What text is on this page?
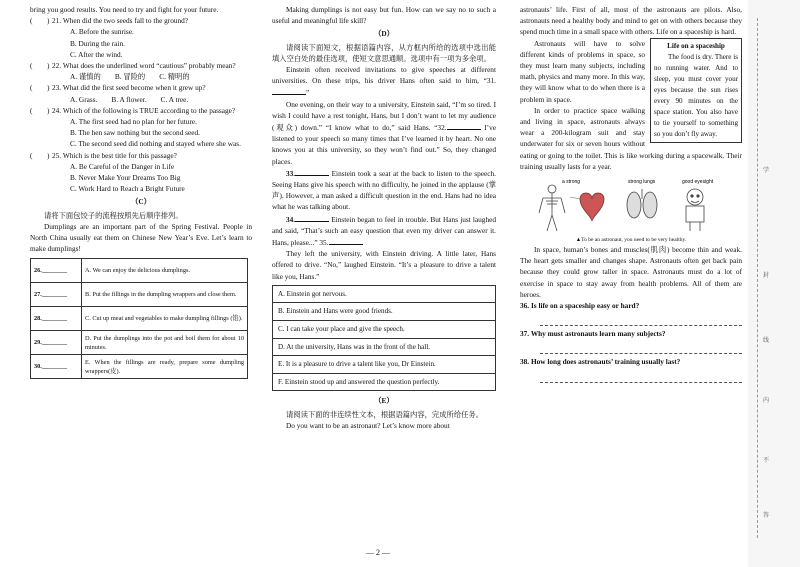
学
封
线
内
不
答

bring you good results. You need to try and fight for your future.

(　　) 21. When did the two seeds fall to the ground?

A. Before the sunrise.

B. During the rain.

C. After the wind.

(　　) 22. What does the underlined word “cautious” probably mean?

A. 谨慎的 B. 冒险的 C. 精明的

(　　) 23. What did the first seed become when it grew up?

A. Grass. B. A flower. C. A tree.

(　　) 24. Which of the following is TRUE according to the passage?

A. The first seed had no plan for her future.

B. The hen saw nothing but the second seed.

C. The second seed did nothing and stayed where she was.

(　　) 25. Which is the best title for this passage?

A. Be Careful of the Danger in Life

B. Never Make Your Dreams Too Big

C. Work Hard to Reach a Bright Future

（C）

请将下面包饺子的流程按照先后顺序排列。

Dumplings are an important part of the Spring Festival. People in North China usually eat them on Chinese New Year’s Eve. Let’s learn to make dumplings!

26.________	A. We can enjoy the delicious dumplings.
27.________	B. Put the fillings in the dumpling wrappers and close them.
28.________	C. Cut up meat and vegetables to make dumpling fillings (馅).
29.________	D. Put the dumplings into the pot and boil them for about 10 minutes.
30.________	E. When the fillings are ready, prepare some dumpling wrappers(皮).

Making dumplings is not easy but fun. How can we say no to such a useful and meaningful life skill?

（D）

请阅读下面短文，根据语篇内容，从方框内所给的选项中选出能填入空白处的最佳选项，使短文意思通顺。选项中有一项为多余项。

Einstein often received invitations to give speeches at different universities. On these trips, his driver Hans often said to him, “31.”

One evening, on their way to a university, Einstein said, “I’m so tired. I wish I could have a rest tonight, Hans, but I don’t want to let my audience (观众) down.” “I know what to do,” said Hans. “32.	I’ve listened to your speech so many times that I’ve learned it by heart. No one knows you at this university, so they won’t find out.” So, they changed places.

33.	Einstein took a seat at the back to listen to the speech. Seeing Hans give his speech with no difficulty, he joined in the applause (掌声). However, a man asked a difficult question in the end. Hans had no idea what he was talking about.

34.	Einstein began to feel in trouble. But Hans just laughed and said, “That’s such an easy question that even my driver can answer it. Hans, please...” 35.

They left the university, with Einstein driving. A little later, Hans offered to drive. “No,” laughed Einstein. “It’s a pleasure to drive a talent like you, Hans.”

A. Einstein got nervous.
B. Einstein and Hans were good friends.
C. I can take your place and give the speech.
D. At the university, Hans was in the front of the hall.
E. It is a pleasure to drive a talent like you, Dr Einstein.
F. Einstein stood up and answered the question perfectly.

（E）

请阅读下面的非连续性文本，根据语篇内容，完成所给任务。

Do you want to be an astronaut? Let’s know more about

astronauts’ life. First of all, most of the astronauts are pilots. Also, astronauts need a healthy body and mind to get on with others because they spend much time in a small space with others. Life on a spaceship is hard.

Life on a spaceship
The food is dry. There is no running water. And to sleep, you must cover your eyes because the sun rises every 90 minutes on the space station. You also have to tie yourself to something so you don’t fly away.

Astronauts will have to solve different kinds of problems in space, so they must learn many subjects, including math, physics and many more. In this way, they will know what to do when there is a problem in space.

In order to practice space walking and living in space, astronauts always wear a 200-kilogram suit and stay underwater for six or seven hours without eating or going to the toilet. This is like working during a spacewalk. Their training usually lasts for a year.

a strong	strong lungs	good eyesight

▲To be an astronaut, you need to be very healthy.

In space, human’s bones and muscles(肌肉) become thin and weak. The heart gets smaller and changes shape. Astronauts often get back pain because they could grow taller in space. Astronauts must do a lot of exercise in space to stay away from health problems. All of them are heroes.

36. Is life on a spaceship easy or hard?

37. Why must astronauts learn many subjects?

38. How long does astronauts’ training usually last?

— 2 —
